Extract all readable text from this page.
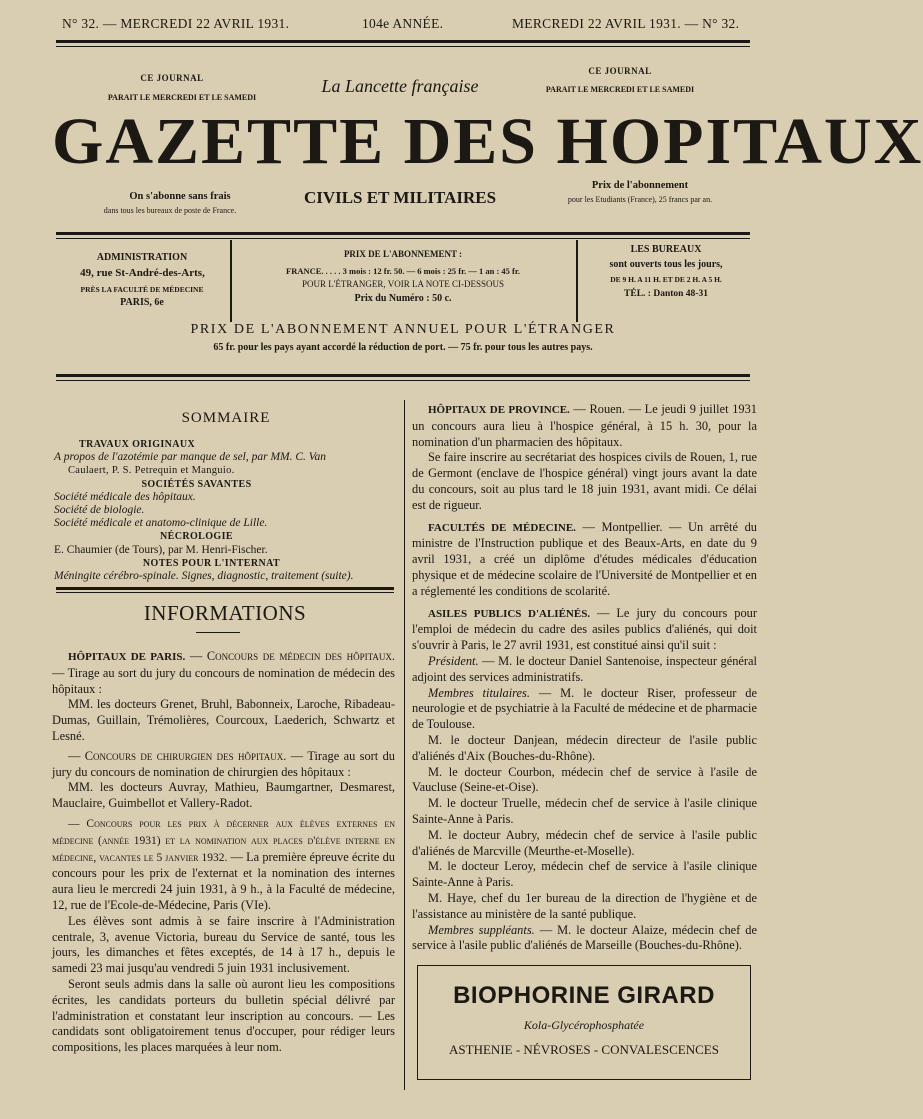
N° 32. — MERCREDI 22 AVRIL 1931.	104e ANNÉE.	MERCREDI 22 AVRIL 1931. — N° 32.
CE JOURNAL
PARAIT LE MERCREDI ET LE SAMEDI
La Lancette française
CE JOURNAL
PARAIT LE MERCREDI ET LE SAMEDI
GAZETTE DES HOPITAUX
On s'abonne sans frais
dans tous les bureaux de poste de France.
CIVILS ET MILITAIRES
Prix de l'abonnement
pour les Etudiants (France), 25 francs par an.
ADMINISTRATION
49, rue St-André-des-Arts,
PRÈS LA FACULTÉ DE MÉDECINE
PARIS, 6e
PRIX DE L'ABONNEMENT :
FRANCE. . . . . 3 mois : 12 fr. 50. — 6 mois : 25 fr. — 1 an : 45 fr.
POUR L'ÉTRANGER, VOIR LA NOTE CI-DESSOUS
Prix du Numéro : 50 c.
LES BUREAUX
sont ouverts tous les jours,
DE 9 H. A 11 H. ET DE 2 H. A 5 H.
TÉL. : Danton 48-31
PRIX DE L'ABONNEMENT ANNUEL POUR L'ÉTRANGER
65 fr. pour les pays ayant accordé la réduction de port. — 75 fr. pour tous les autres pays.
SOMMAIRE
TRAVAUX ORIGINAUX
A propos de l'azotémie par manque de sel, par MM. C. Van
Caulaert, P. S. Petrequin et Manguio.
SOCIÉTÉS SAVANTES
Société médicale des hôpitaux.
Société de biologie.
Société médicale et anatomo-clinique de Lille.
NÉCROLOGIE
E. Chaumier (de Tours), par M. Henri-Fischer.
NOTES POUR L'INTERNAT
Méningite cérébro-spinale. Signes, diagnostic, traitement (suite).
INFORMATIONS

HÔPITAUX DE PARIS. — Concours de médecin des hôpitaux. — Tirage au sort du jury du concours de nomination de médecin des hôpitaux :

MM. les docteurs Grenet, Bruhl, Babonneix, Laroche, Ribadeau-Dumas, Guillain, Trémolières, Courcoux, Laederich, Schwartz et Lesné.

— Concours de chirurgien des hôpitaux. — Tirage au sort du jury du concours de nomination de chirurgien des hôpitaux :

MM. les docteurs Auvray, Mathieu, Baumgartner, Desmarest, Mauclaire, Guimbellot et Vallery-Radot.

— Concours pour les prix à décerner aux élèves externes en médecine (année 1931) et la nomination aux places d'élève interne en médecine, vacantes le 5 janvier 1932. — La première épreuve écrite du concours pour les prix de l'externat et la nomination des internes aura lieu le mercredi 24 juin 1931, à 9 h., à la Faculté de médecine, 12, rue de l'Ecole-de-Médecine, Paris (VIe).

Les élèves sont admis à se faire inscrire à l'Administration centrale, 3, avenue Victoria, bureau du Service de santé, tous les jours, les dimanches et fêtes exceptés, de 14 à 17 h., depuis le samedi 23 mai jusqu'au vendredi 5 juin 1931 inclusivement.

Seront seuls admis dans la salle où auront lieu les compositions écrites, les candidats porteurs du bulletin spécial délivré par l'administration et constatant leur inscription au concours. — Les candidats sont obligatoirement tenus d'occuper, pour rédiger leurs compositions, les places marquées à leur nom.

HÔPITAUX DE PROVINCE. — Rouen. — Le jeudi 9 juillet 1931 un concours aura lieu à l'hospice général, à 15 h. 30, pour la nomination d'un pharmacien des hôpitaux.

Se faire inscrire au secrétariat des hospices civils de Rouen, 1, rue de Germont (enclave de l'hospice général) vingt jours avant la date du concours, soit au plus tard le 18 juin 1931, avant midi. Ce délai est de rigueur.

FACULTÉS DE MÉDECINE. — Montpellier. — Un arrêté du ministre de l'Instruction publique et des Beaux-Arts, en date du 9 avril 1931, a créé un diplôme d'études médicales d'éducation physique et de médecine scolaire de l'Université de Montpellier et en a réglementé les conditions de scolarité.

ASILES PUBLICS D'ALIÉNÉS. — Le jury du concours pour l'emploi de médecin du cadre des asiles publics d'aliénés, qui doit s'ouvrir à Paris, le 27 avril 1931, est constitué ainsi qu'il suit :

Président. — M. le docteur Daniel Santenoise, inspecteur général adjoint des services administratifs.

Membres titulaires. — M. le docteur Riser, professeur de neurologie et de psychiatrie à la Faculté de médecine et de pharmacie de Toulouse.

M. le docteur Danjean, médecin directeur de l'asile public d'aliénés d'Aix (Bouches-du-Rhône).

M. le docteur Courbon, médecin chef de service à l'asile de Vaucluse (Seine-et-Oise).

M. le docteur Truelle, médecin chef de service à l'asile clinique Sainte-Anne à Paris.

M. le docteur Aubry, médecin chef de service à l'asile public d'aliénés de Marcville (Meurthe-et-Moselle).

M. le docteur Leroy, médecin chef de service à l'asile clinique Sainte-Anne à Paris.

M. Haye, chef du 1er bureau de la direction de l'hygiène et de l'assistance au ministère de la santé publique.

Membres suppléants. — M. le docteur Alaize, médecin chef de service à l'asile public d'aliénés de Marseille (Bouches-du-Rhône).

BIOPHORINE GIRARD
Kola-Glycérophosphatée
ASTHENIE - NÉVROSES - CONVALESCENCES
